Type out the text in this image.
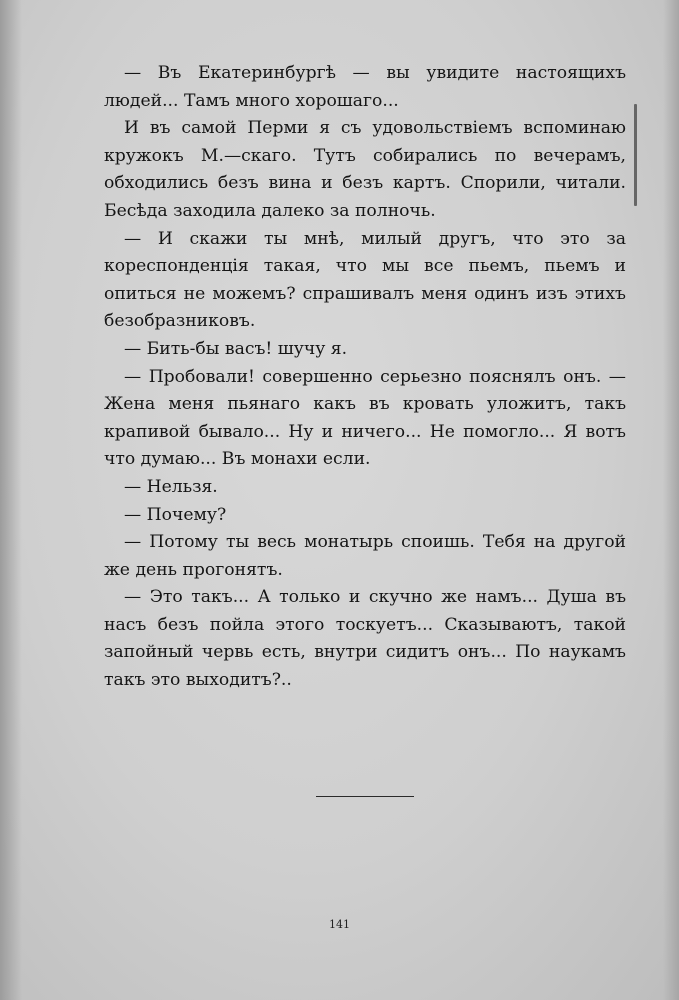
— Въ Екатеринбургѣ — вы увидите настоящихъ людей... Тамъ много хорошаго...

И въ самой Перми я съ удовольствіемъ вспоминаю кружокъ М.—скаго. Тутъ собирались по вечерамъ, обходились безъ вина и безъ картъ. Спорили, читали. Бесѣда заходила далеко за полночь.

— И скажи ты мнѣ, милый другъ, что это за кореспонденція такая, что мы все пьемъ, пьемъ и опиться не можемъ? спрашивалъ меня одинъ изъ этихъ безобразниковъ.

— Бить-бы васъ! шучу я.

— Пробовали! совершенно серьезно пояснялъ онъ. — Жена меня пьянаго какъ въ кровать уложитъ, такъ крапивой бывало... Ну и ничего... Не помогло... Я вотъ что думаю... Въ монахи если.

— Нельзя.

— Почему?

— Потому ты весь монатырь споишь. Тебя на другой же день прогонятъ.

— Это такъ... А только и скучно же намъ... Душа въ насъ безъ пойла этого тоскуетъ... Сказываютъ, такой запойный червь есть, внутри сидитъ онъ... По наукамъ такъ это выходитъ?..

141
